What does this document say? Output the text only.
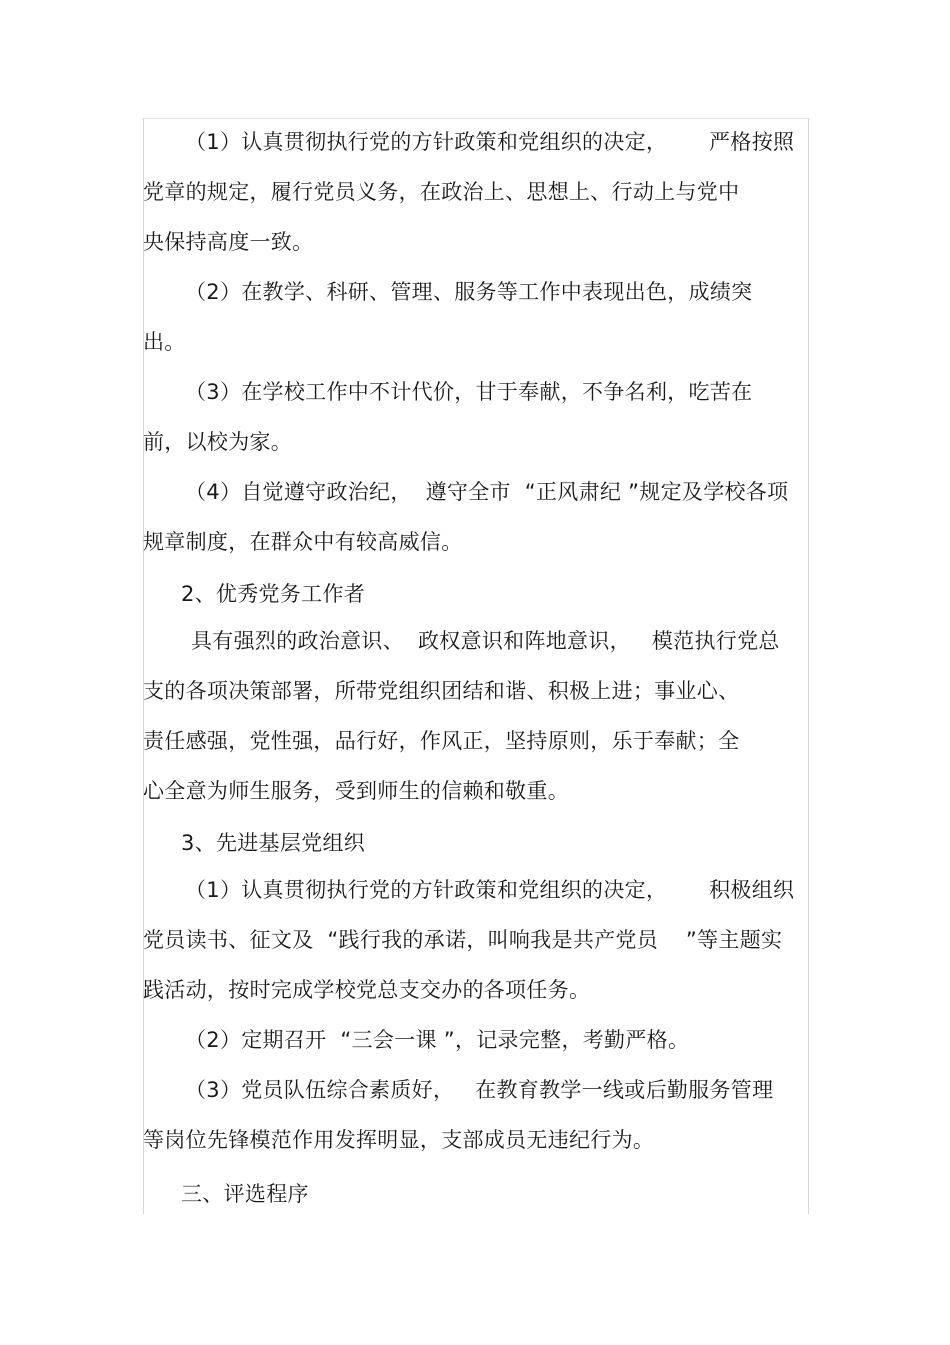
（1）认真贯彻执行党的方针政策和党组织的决定，      严格按照
党章的规定，履行党员义务，在政治上、思想上、行动上与党中
央保持高度一致。
（2）在教学、科研、管理、服务等工作中表现出色，成绩突
出。
（3）在学校工作中不计代价，甘于奉献，不争名利，吃苦在
前，以校为家。
（4）自觉遵守政治纪，  遵守全市  “正风肃纪 ”规定及学校各项
规章制度，在群众中有较高威信。
2、优秀党务工作者
具有强烈的政治意识、  政权意识和阵地意识，   模范执行党总
支的各项决策部署，所带党组织团结和谐、积极上进；事业心、
责任感强，党性强，品行好，作风正，坚持原则，乐于奉献；全
心全意为师生服务，受到师生的信赖和敬重。
3、先进基层党组织
（1）认真贯彻执行党的方针政策和党组织的决定，      积极组织
党员读书、征文及  “践行我的承诺，叫响我是共产党员    ”等主题实
践活动，按时完成学校党总支交办的各项任务。
（2）定期召开  “三会一课 ”，记录完整，考勤严格。
（3）党员队伍综合素质好，   在教育教学一线或后勤服务管理
等岗位先锋模范作用发挥明显，支部成员无违纪行为。
三、评选程序
